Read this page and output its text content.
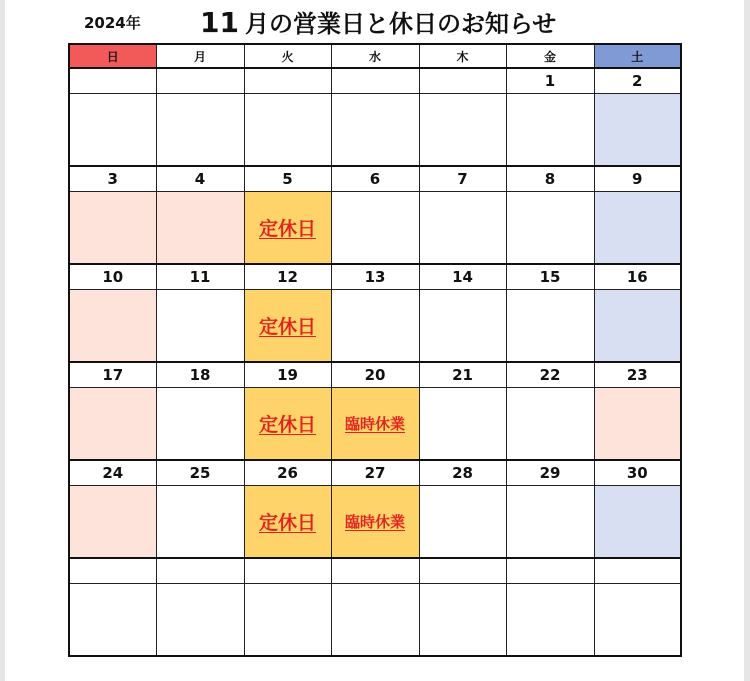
2024年 11 月の営業日と休日のお知らせ
日	月	火	水	木	金	土
					1	2

3	4	5	6	7	8	9
		定休日				
10	11	12	13	14	15	16
		定休日				
17	18	19	20	21	22	23
		定休日	臨時休業			
24	25	26	27	28	29	30
		定休日	臨時休業			
